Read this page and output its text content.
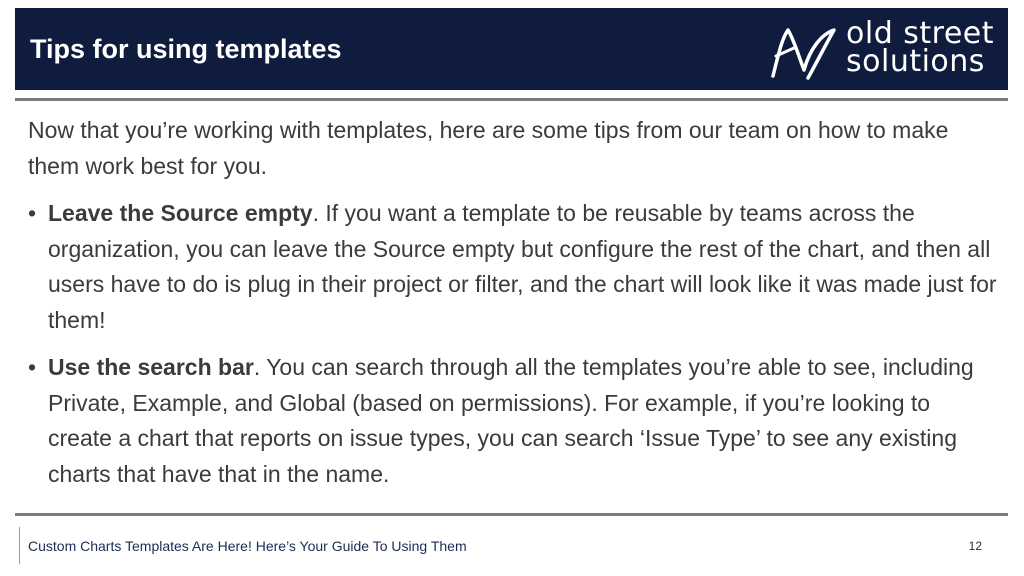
Tips for using templates	old street
solutions

Now that you’re working with templates, here are some tips from our team on how to make them work best for you.

• Leave the Source empty. If you want a template to be reusable by teams across the organization, you can leave the Source empty but configure the rest of the chart, and then all users have to do is plug in their project or filter, and the chart will look like it was made just for them!
• Use the search bar. You can search through all the templates you’re able to see, including Private, Example, and Global (based on permissions). For example, if you’re looking to create a chart that reports on issue types, you can search ‘Issue Type’ to see any existing charts that have that in the name.
Custom Charts Templates Are Here! Here’s Your Guide To Using Them	12
